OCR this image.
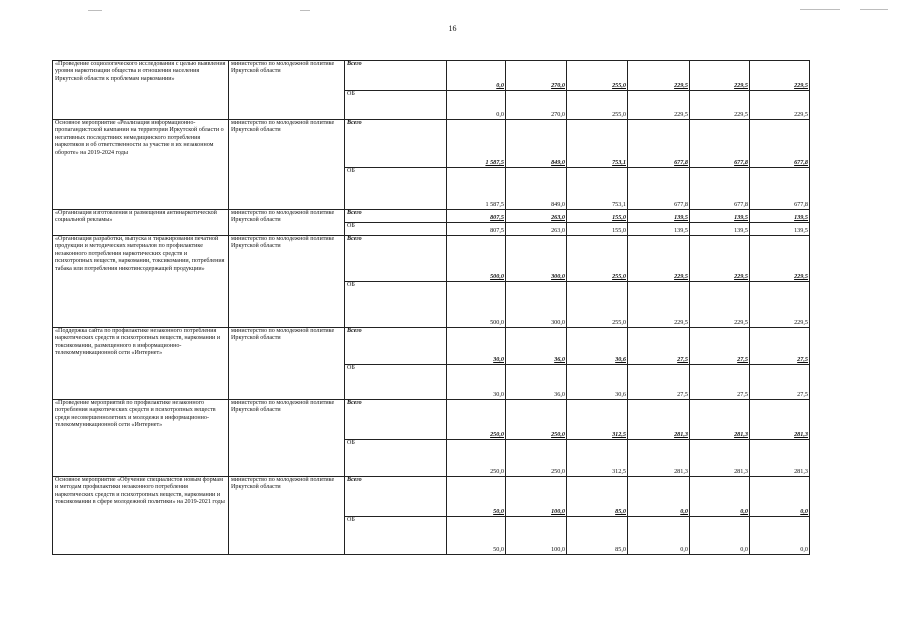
16
«Проведение социологического исследования с целью выявления уровня наркотизации общества и отношения населения Иркутской области к проблемам наркомании»	министерство по молодежной политике Иркутской области	Всего	0,0	270,0	255,0	229,5	229,5	229,5
		ОБ	0,0	270,0	255,0	229,5	229,5	229,5
Основное мероприятие «Реализация информационно-пропагандистской кампании на территории Иркутской области о негативных последствиях немедицинского потребления наркотиков и об ответственности за участие в их незаконном обороте» на 2019-2024 годы	министерство по молодежной политике Иркутской области	Всего	1 587,5	849,0	753,1	677,8	677,8	677,8
		ОБ	1 587,5	849,0	753,1	677,8	677,8	677,8
«Организация изготовления и размещения антинаркотической социальной рекламы»	министерство по молодежной политике Иркутской области	Всего	807,5	263,0	155,0	139,5	139,5	139,5
		ОБ	807,5	263,0	155,0	139,5	139,5	139,5
«Организация разработки, выпуска и тиражирования печатной продукции и методических материалов по профилактике незаконного потребления наркотических средств и психотропных веществ, наркомании, токсикомании, потребления табака или потребления никотинсодержащей продукции»	министерство по молодежной политике Иркутской области	Всего	500,0	300,0	255,0	229,5	229,5	229,5
		ОБ	500,0	300,0	255,0	229,5	229,5	229,5
«Поддержка сайта по профилактике незаконного потребления наркотических средств и психотропных веществ, наркомании и токсикомании, размещенного в информационно-телекоммуникационной сети «Интернет»	министерство по молодежной политике Иркутской области	Всего	30,0	36,0	30,6	27,5	27,5	27,5
		ОБ	30,0	36,0	30,6	27,5	27,5	27,5
«Проведение мероприятий по профилактике незаконного потребления наркотических средств и психотропных веществ среди несовершеннолетних и молодежи в информационно-телекоммуникационной сети «Интернет»	министерство по молодежной политике Иркутской области	Всего	250,0	250,0	312,5	281,3	281,3	281,3
		ОБ	250,0	250,0	312,5	281,3	281,3	281,3
Основное мероприятие «Обучение специалистов новым формам и методам профилактики незаконного потребления наркотических средств и психотропных веществ, наркомании и токсикомании в сфере молодежной политики» на 2019-2021 годы	министерство по молодежной политике Иркутской области	Всего	50,0	100,0	85,0	0,0	0,0	0,0
		ОБ	50,0	100,0	85,0	0,0	0,0	0,0
